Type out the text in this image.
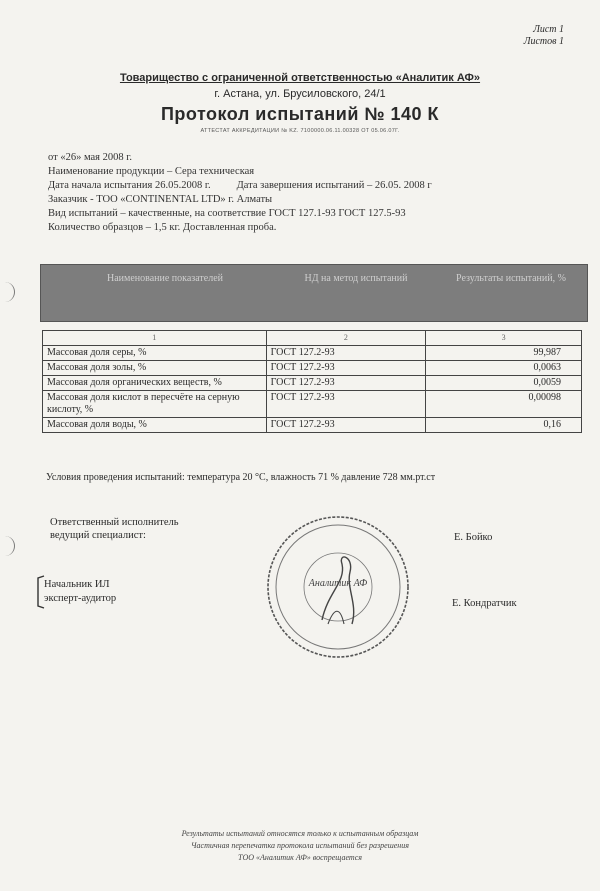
Лист 1
Листов 1
Товарищество с ограниченной ответственностью «Аналитик АФ»
г. Астана, ул. Брусиловского, 24/1
Протокол испытаний № 140 К
АТТЕСТАТ АККРЕДИТАЦИИ № KZ. 7100000.06.11.00328 ОТ 05.06.07Г.
от «26» мая 2008 г.
Наименование продукции – Сера техническая
Дата начала испытания 26.05.2008 г. Дата завершения испытаний – 26.05. 2008 г
Заказчик - ТОО «CONTINENTAL LTD» г. Алматы
Вид испытаний – качественные, на соответствие ГОСТ 127.1-93 ГОСТ 127.5-93
Количество образцов – 1,5 кг. Доставленная проба.
Наименование показателей	НД на метод испытаний	Результаты испытаний, %
1	2	3
Массовая доля серы, %	ГОСТ 127.2-93	99,987
Массовая доля золы, %	ГОСТ 127.2-93	0,0063
Массовая доля органических веществ, %	ГОСТ 127.2-93	0,0059
Массовая доля кислот в пересчёте на серную кислоту, %	ГОСТ 127.2-93	0,00098
Массовая доля воды, %	ГОСТ 127.2-93	0,16
Условия проведения испытаний: температура 20 °С, влажность 71 % давление 728 мм.рт.ст
Ответственный исполнитель
ведущий специалист:	Е. Бойко
Начальник ИЛ
эксперт-аудитор	Е. Кондратчик
Аналитик АФ
Результаты испытаний относятся только к испытанным образцам
Частичная перепечатка протокола испытаний без разрешения
ТОО «Аналитик АФ» воспрещается
